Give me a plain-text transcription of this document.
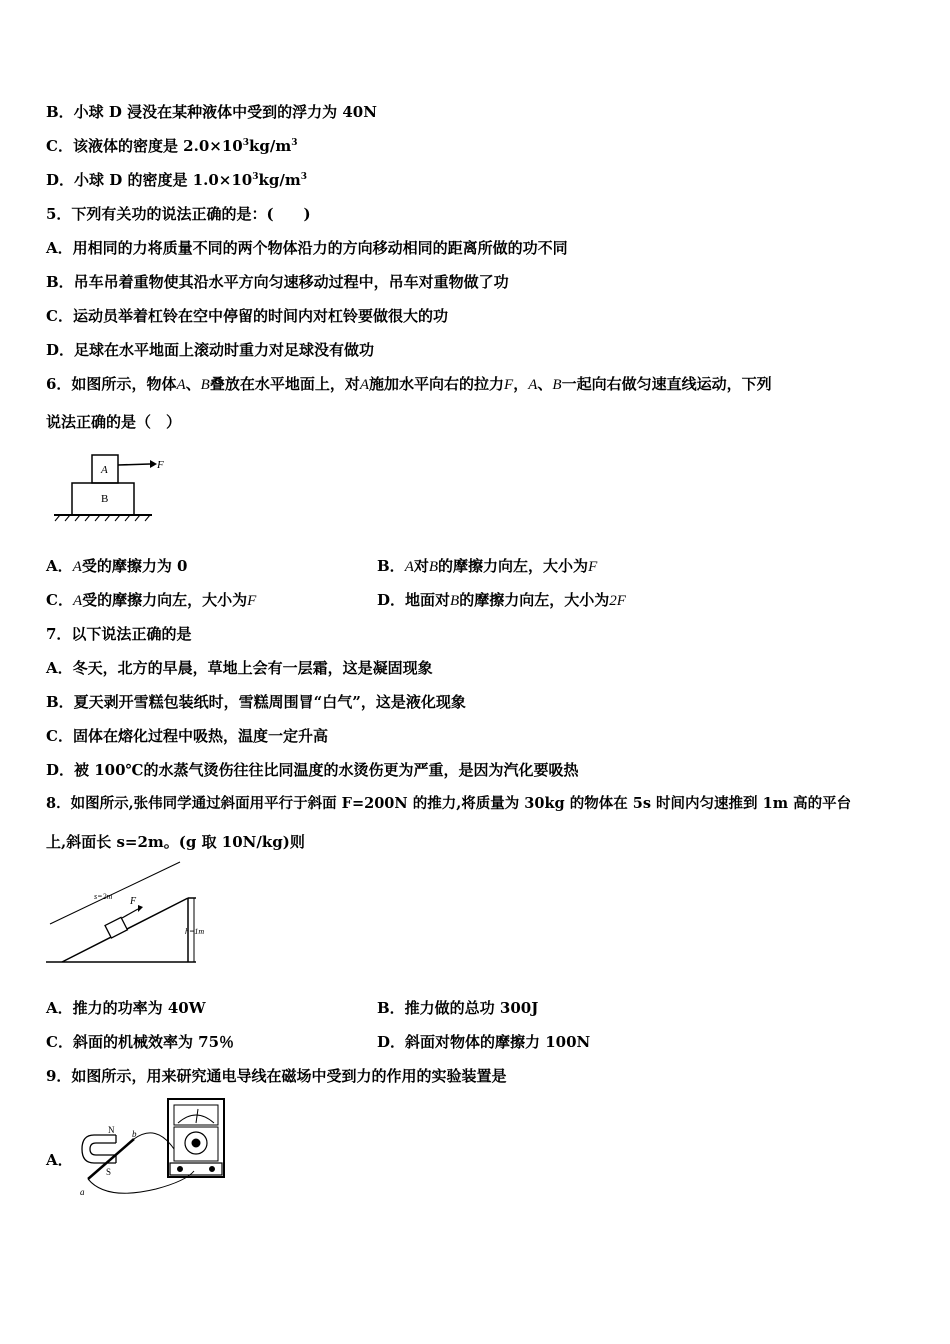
B．小球 D 浸没在某种液体中受到的浮力为 40N
C．该液体的密度是 $2.0\times 10^3kg/m^3$
D．小球 D 的密度是 $1.0\times 10^3kg/m^3$
5．下列有关功的说法正确的是：(　　)
A．用相同的力将质量不同的两个物体沿力的方向移动相同的距离所做的功不同
B．吊车吊着重物使其沿水平方向匀速移动过程中，吊车对重物做了功
C．运动员举着杠铃在空中停留的时间内对杠铃要做很大的功
D．足球在水平地面上滚动时重力对足球没有做功
6．如图所示，物体A、B叠放在水平地面上，对A施加水平向右的拉力F，A、B一起向右做匀速直线运动，下列
说法正确的是（　）
A
B
F
A．A受的摩擦力为 0	B．A对B的摩擦力向左，大小为F
C．A受的摩擦力向左，大小为F	D．地面对B的摩擦力向左，大小为2F
7．以下说法正确的是
A．冬天，北方的早晨，草地上会有一层霜，这是凝固现象
B．夏天剥开雪糕包装纸时，雪糕周围冒“白气”，这是液化现象
C．固体在熔化过程中吸热，温度一定升高
D．被 100℃的水蒸气烫伤往往比同温度的水烫伤更为严重，是因为汽化要吸热
8．如图所示,张伟同学通过斜面用平行于斜面 F=200N 的推力,将质量为 30kg 的物体在 5s 时间内匀速推到 1m 高的平台
上,斜面长 s=2m。(g 取 10N/kg)则
s=2m F
h=1m
A．推力的功率为 40W	B．推力做的总功 300J
C．斜面的机械效率为 75％	D．斜面对物体的摩擦力 100N
9．如图所示，用来研究通电导线在磁场中受到力的作用的实验装置是
A．
N
S
a
b
